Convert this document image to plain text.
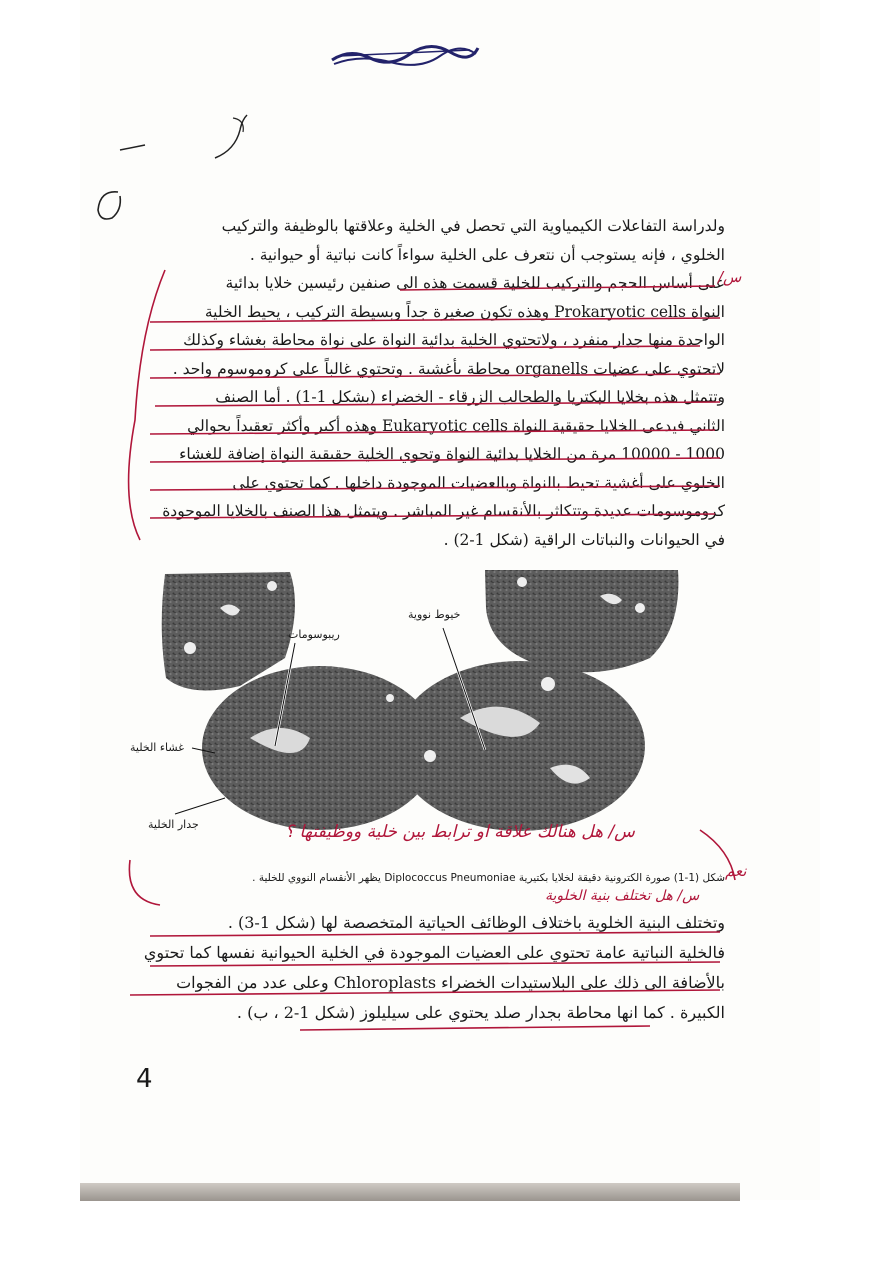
ولدراسة التفاعلات الكيمياوية التي تحصل في الخلية وعلاقتها بالوظيفة والتركيب

الخلوي ، فإنه يستوجب أن نتعرف على الخلية سواءاً كانت نباتية أو حيوانية .

على أساس الحجم والتركيب للخلية قسمت هذه الى صنفين رئيسين خلايا بدائية

النواة Prokaryotic cells وهذه تكون صغيرة جداً وبسيطة التركيب ، يحيط الخلية

الواحدة منها جدار منفرد ، ولاتحتوي الخلية بدائية النواة على نواة محاطة بغشاء وكذلك

لاتحتوي على عضيات organells محاطة بأغشية . وتحتوي غالباً على كروموسوم واحد .

وتتمثل هذه بخلايا البكتريا والطحالب الزرقاء - الخضراء (بشكل 1-1) . أما الصنف

الثاني فيدعى الخلايا حقيقية النواة Eukaryotic cells وهذه أكبر وأكثر تعقيداً بحوالي

1000 - 10000 مرة من الخلايا بدائية النواة وتحوي الخلية حقيقية النواة إضافة للغشاء

الخلوي على أغشية تحيط بالنواة وبالعضيات الموجودة داخلها . كما تحتوي على

كروموسومات عديدة وتتكاثر بالأنقسام غير المباشر . ويتمثل هذا الصنف بالخلايا الموجودة

في الحيوانات والنباتات الراقية (شكل 1-2) .

ريبوسومات
خيوط نووية
غشاء الخلية
جدار الخلية	س/ هل هنالك علاقة او ترابط بين خلية ووظيفتها ؟
شكل (1-1) صورة الكترونية دقيقة لخلايا بكتيرية Diplococcus Pneumoniae يظهر الأنقسام النووي للخلية . نعم
س/ هل تختلف بنية الخلوية

وتختلف البنية الخلوية باختلاف الوظائف الحياتية المتخصصة لها (شكل 1-3) .

فالخلية النباتية عامة تحتوي على العضيات الموجودة في الخلية الحيوانية نفسها كما تحتوي

بالأضافة الى ذلك على البلاستيدات الخضراء Chloroplasts وعلى عدد من الفجوات

الكبيرة . كما انها محاطة بجدار صلد يحتوي على سيليلوز (شكل 1-2 ، ب) .

س/
4
